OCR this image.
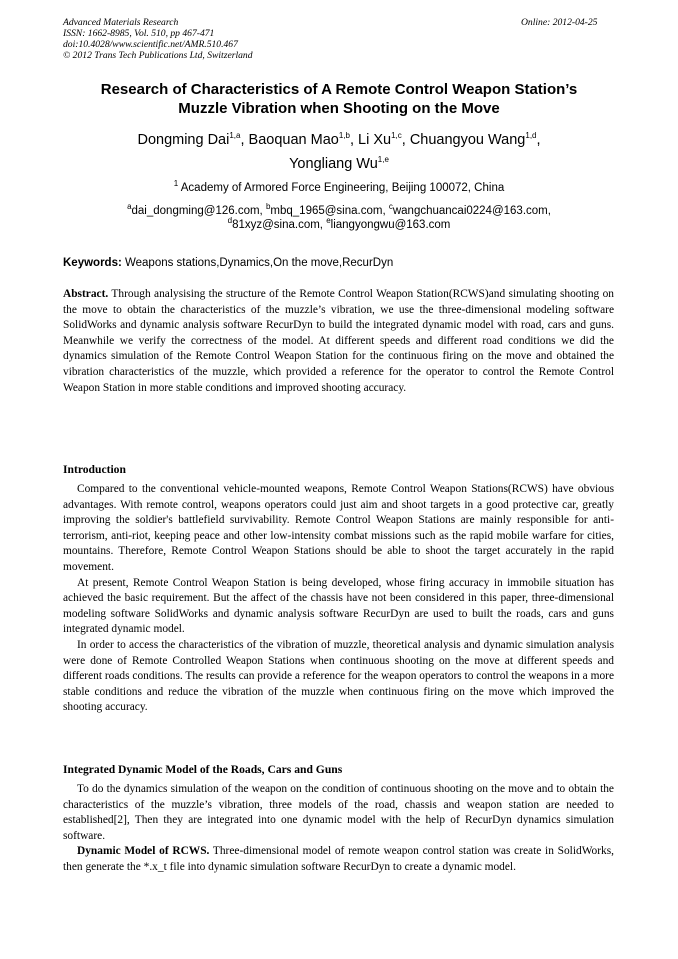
Advanced Materials Research
ISSN: 1662-8985, Vol. 510, pp 467-471
doi:10.4028/www.scientific.net/AMR.510.467
© 2012 Trans Tech Publications Ltd, Switzerland
Online: 2012-04-25
Research of Characteristics of A Remote Control Weapon Station’s
Muzzle Vibration when Shooting on the Move
Dongming Dai$^{1,a}$, Baoquan Mao$^{1,b}$, Li Xu$^{1,c}$, Chuangyou Wang$^{1,d}$,
Yongliang Wu$^{1,e}$
$^1$ Academy of Armored Force Engineering, Beijing 100072, China
$^a$dai_dongming@126.com, $^b$mbq_1965@sina.com, $^c$wangchuancai0224@163.com,
$^d$81xyz@sina.com, $^e$liangyongwu@163.com
Keywords: Weapons stations,Dynamics,On the move,RecurDyn

Abstract. Through analysising the structure of the Remote Control Weapon Station(RCWS)and simulating shooting on the move to obtain the characteristics of the muzzle’s vibration, we use the three-dimensional modeling software SolidWorks and dynamic analysis software RecurDyn to build the integrated dynamic model with road, cars and guns. Meanwhile we verify the correctness of the model. At different speeds and different road conditions we did the dynamics simulation of the Remote Control Weapon Station for the continuous firing on the move and obtained the vibration characteristics of the muzzle, which provided a reference for the operator to control the Remote Control Weapon Station in more stable conditions and improved shooting accuracy.

Introduction

Compared to the conventional vehicle-mounted weapons, Remote Control Weapon Stations(RCWS) have obvious advantages. With remote control, weapons operators could just aim and shoot targets in a good protective car, greatly improving the soldier's battlefield survivability. Remote Control Weapon Stations are mainly responsible for anti-terrorism, anti-riot, keeping peace and other low-intensity combat missions such as the rapid mobile warfare for cities, mountains. Therefore, Remote Control Weapon Stations should be able to shoot the target accurately in the rapid movement.

At present, Remote Control Weapon Station is being developed, whose firing accuracy in immobile situation has achieved the basic requirement. But the affect of the chassis have not been considered in this paper, three-dimensional modeling software SolidWorks and dynamic analysis software RecurDyn are used to built the roads, cars and guns integrated dynamic model.

In order to access the characteristics of the vibration of muzzle, theoretical analysis and dynamic simulation analysis were done of Remote Controlled Weapon Stations when continuous shooting on the move at different speeds and different roads conditions. The results can provide a reference for the weapon operators to control the weapons in a more stable conditions and reduce the vibration of the muzzle when continuous firing on the move which improved the shooting accuracy.

Integrated Dynamic Model of the Roads, Cars and Guns

To do the dynamics simulation of the weapon on the condition of continuous shooting on the move and to obtain the characteristics of the muzzle’s vibration, three models of the road, chassis and weapon station are needed to established[2], Then they are integrated into one dynamic model with the help of RecurDyn dynamics simulation software.

Dynamic Model of RCWS. Three-dimensional model of remote weapon control station was create in SolidWorks, then generate the *.x_t file into dynamic simulation software RecurDyn to create a dynamic model.
